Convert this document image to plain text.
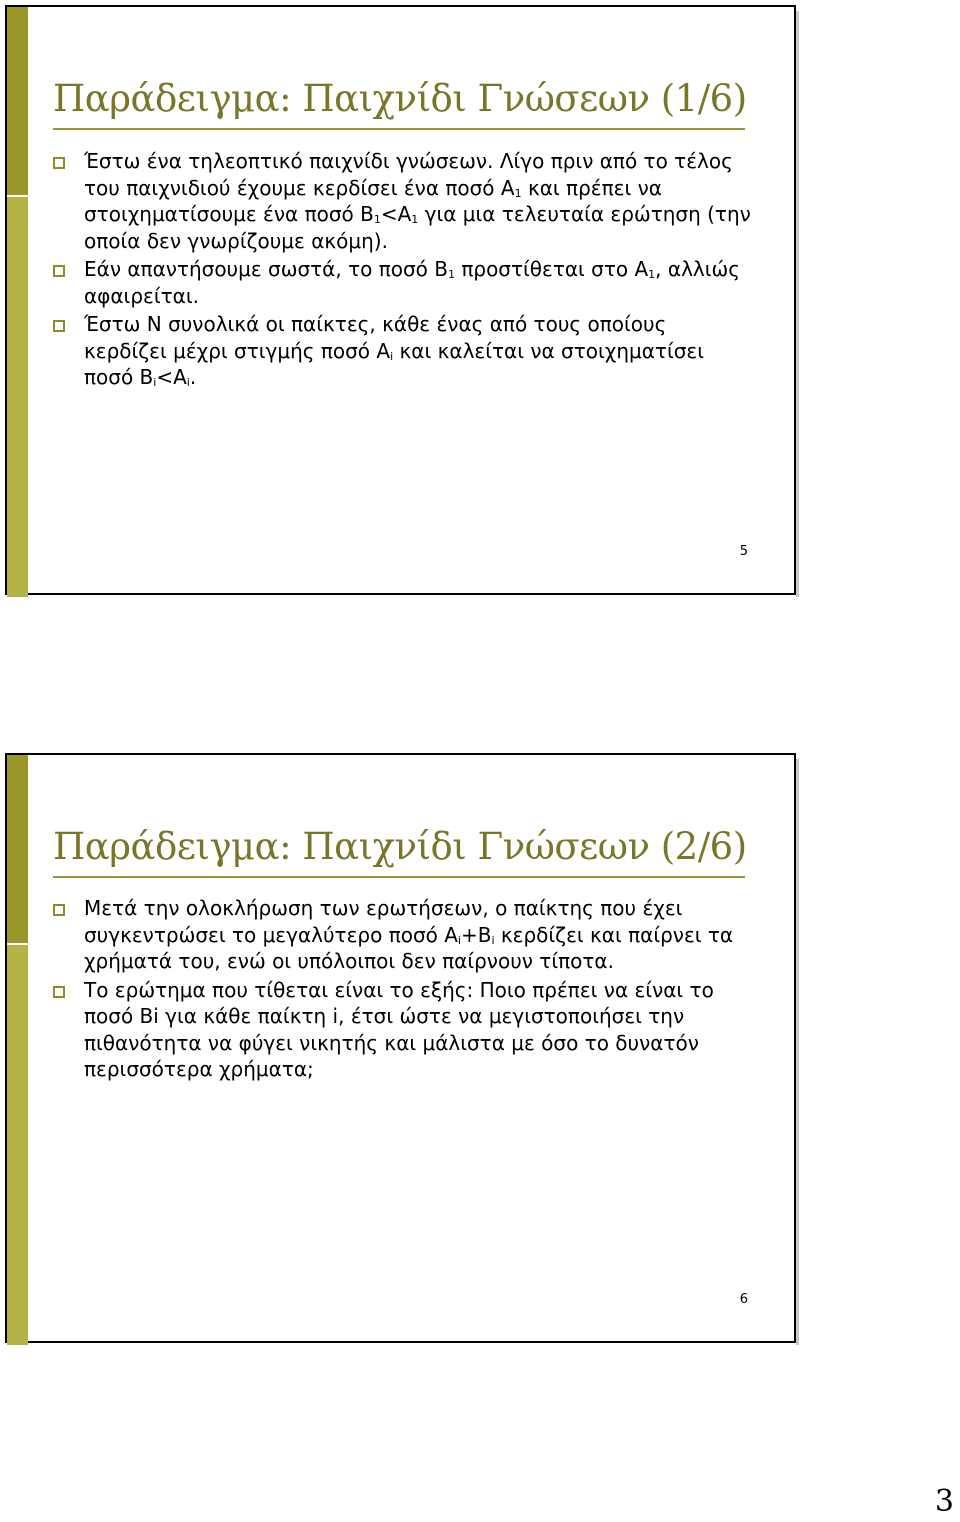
Παράδειγμα: Παιχνίδι Γνώσεων (1/6)
Έστω ένα τηλεοπτικό παιχνίδι γνώσεων. Λίγο πριν από το τέλος του παιχνιδιού έχουμε κερδίσει ένα ποσό $A_1$ και πρέπει να στοιχηματίσουμε ένα ποσό $B_1<A_1$ για μια τελευταία ερώτηση (την οποία δεν γνωρίζουμε ακόμη).
Εάν απαντήσουμε σωστά, το ποσό $B_1$ προστίθεται στο $A_1$, αλλιώς αφαιρείται.
Έστω Ν συνολικά οι παίκτες, κάθε ένας από τους οποίους κερδίζει μέχρι στιγμής ποσό $A_i$ και καλείται να στοιχηματίσει ποσό $B_i<A_i$.
5
Παράδειγμα: Παιχνίδι Γνώσεων (2/6)
Μετά την ολοκλήρωση των ερωτήσεων, ο παίκτης που έχει συγκεντρώσει το μεγαλύτερο ποσό $A_i+B_i$ κερδίζει και παίρνει τα χρήματά του, ενώ οι υπόλοιποι δεν παίρνουν τίποτα.
Το ερώτημα που τίθεται είναι το εξής: Ποιο πρέπει να είναι το ποσό Βi για κάθε παίκτη i, έτσι ώστε να μεγιστοποιήσει την πιθανότητα να φύγει νικητής και μάλιστα με όσο το δυνατόν περισσότερα χρήματα;
6
3
